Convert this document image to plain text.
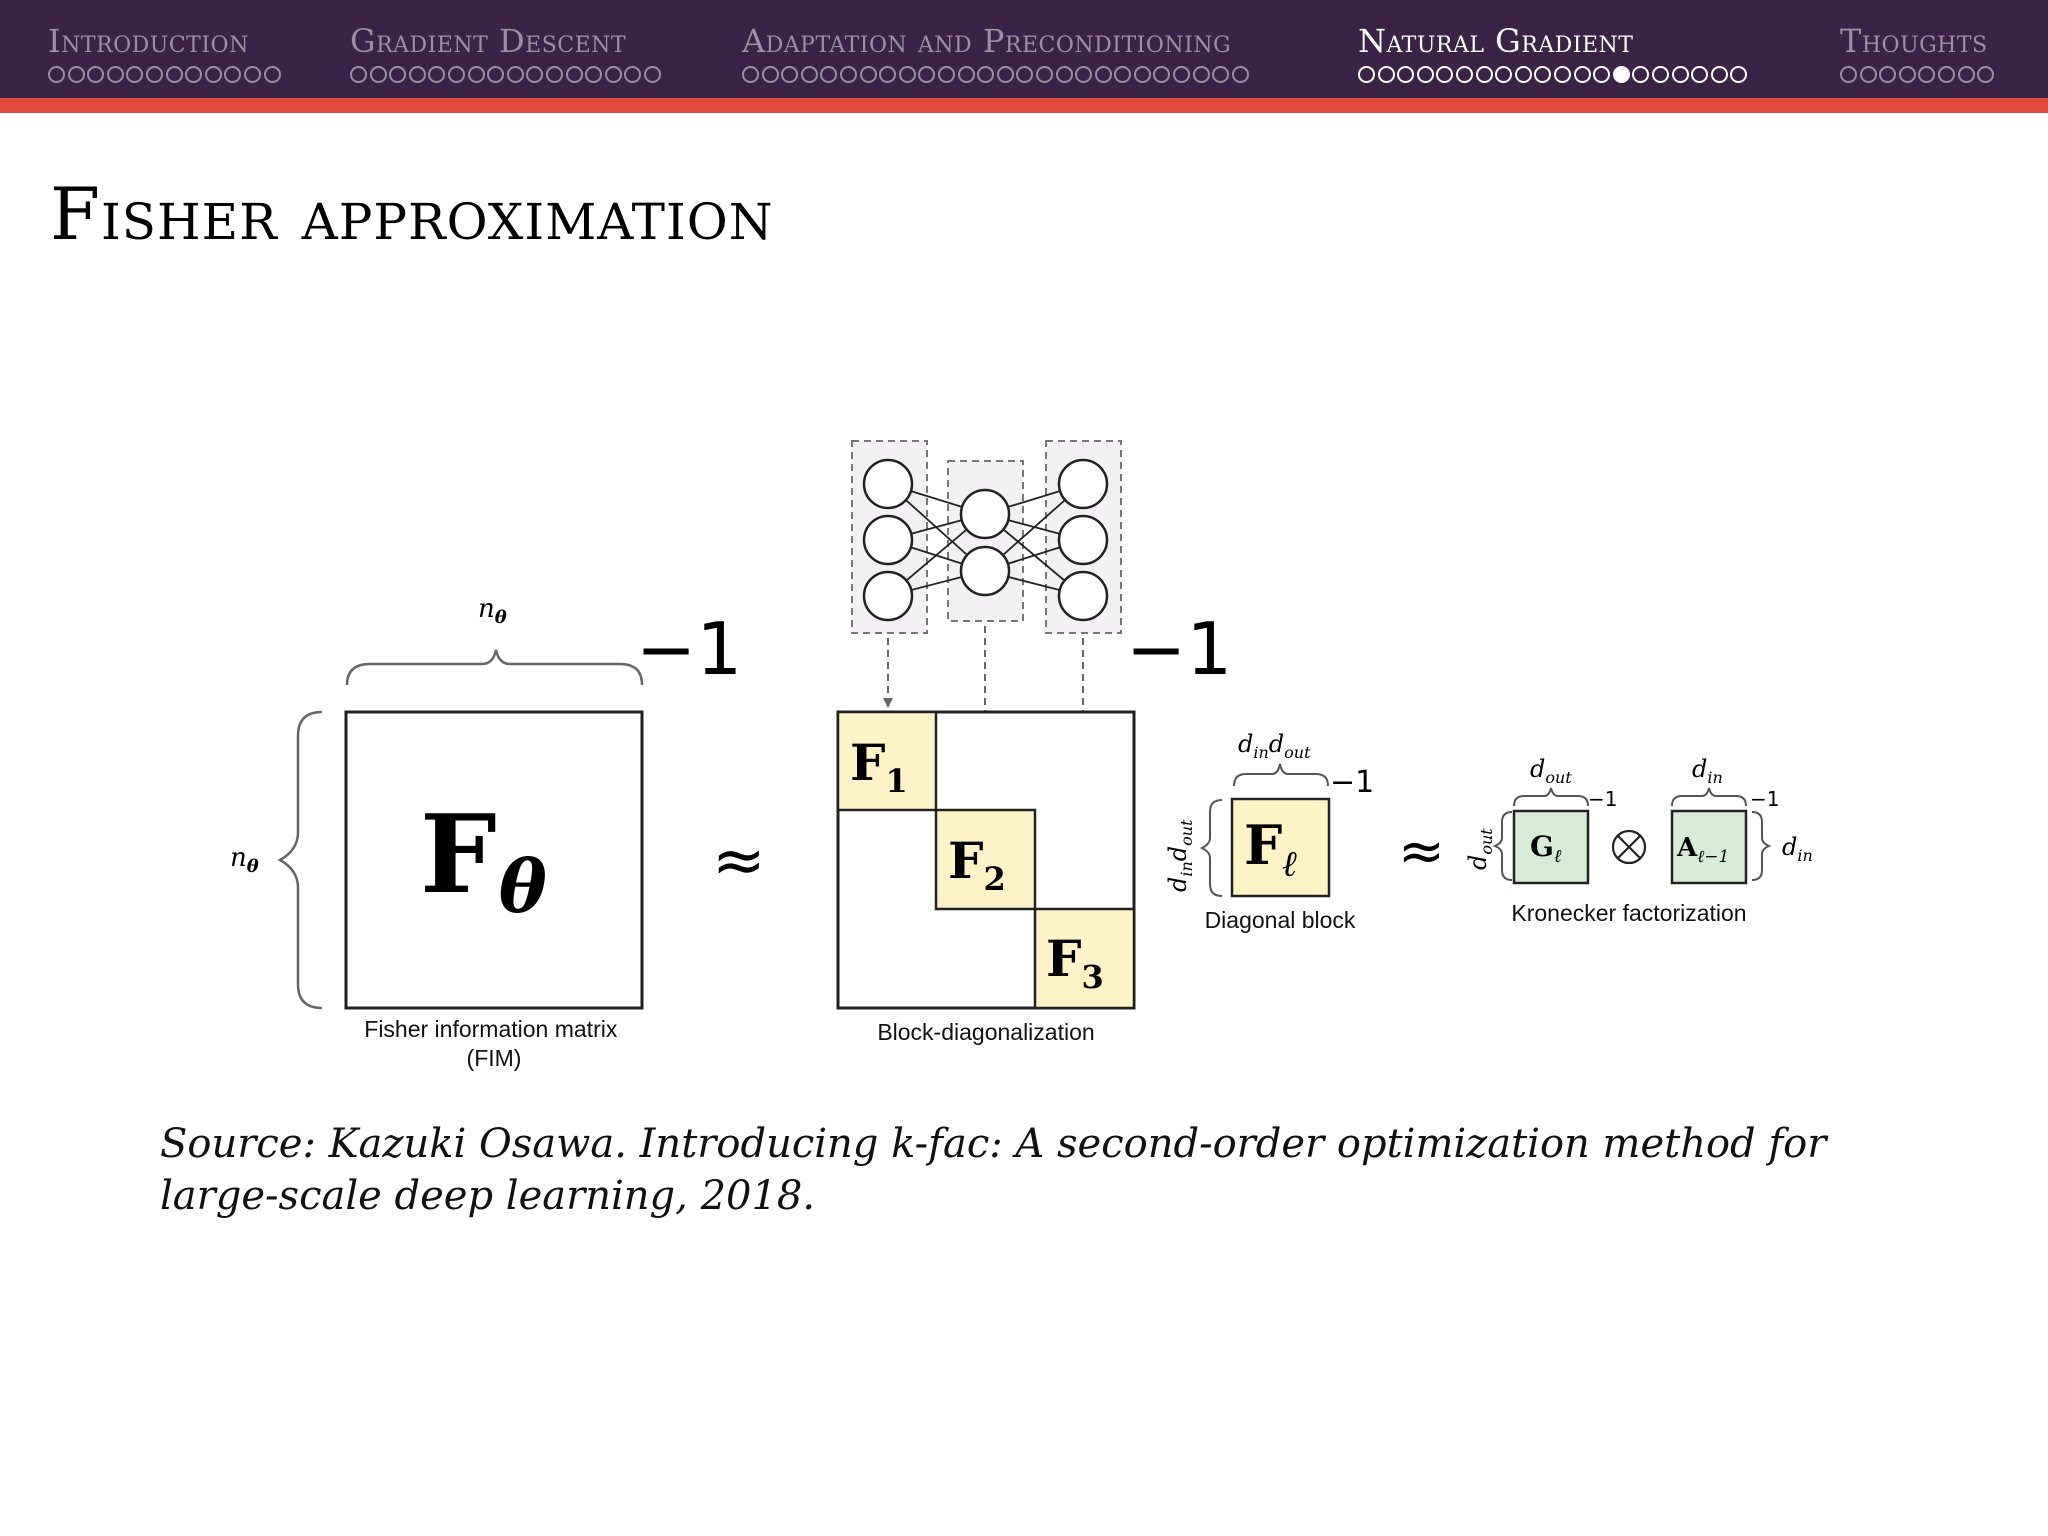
Introduction	Gradient Descent	Adaptation and Preconditioning	Natural Gradient	Thoughts
Fisher approximation
$n_\theta -1$
$n_\theta$ Fθ
Fisher information matrix (FIM)
≈
−1
$F_1$
$F_2$
$F_3$
Block-diagonalization
$d_{in}d_{out}$
−1
$d_{in}d_{out}$ $F_\ell$
Diagonal block
≈
$d_{out}$
−1
$d_{out}$ $G_\ell$
$d_{in}$
−1
$A_{\ell-1}$ $d_{in}$
Kronecker factorization

Source: Kazuki Osawa. Introducing k-fac: A second-order optimization method for large-scale deep learning, 2018.
